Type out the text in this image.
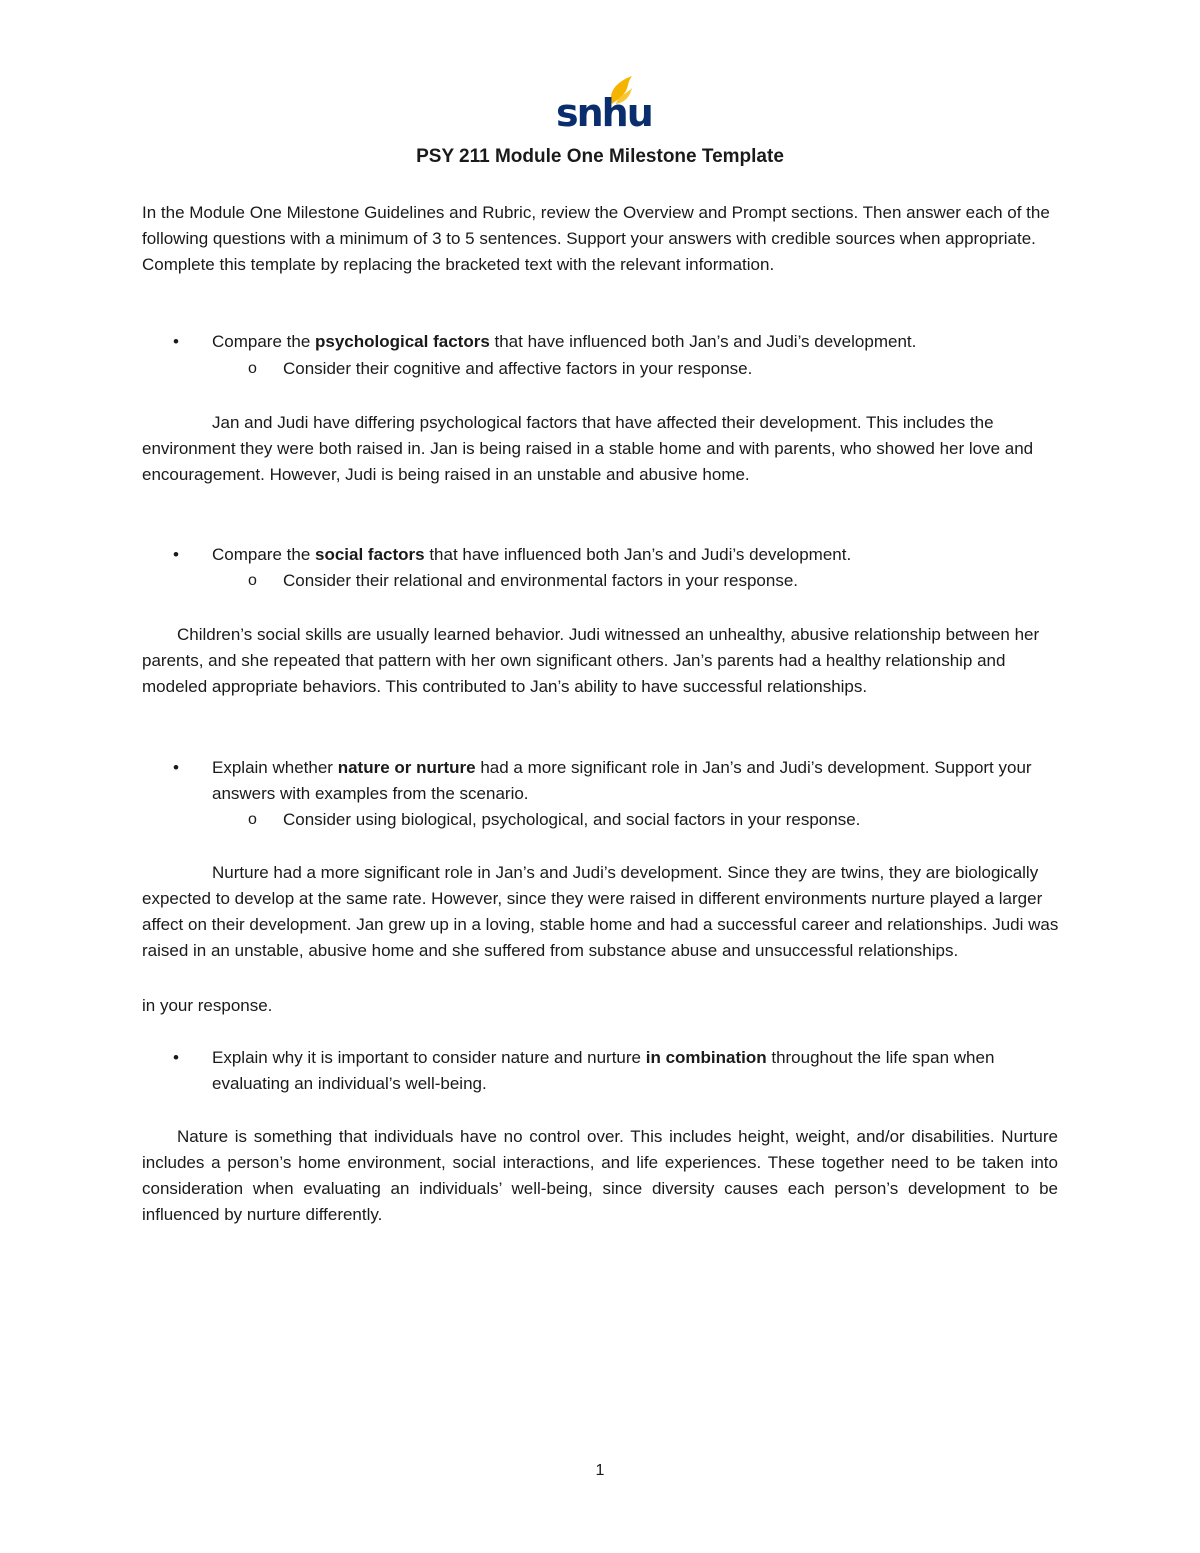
snhu
PSY 211 Module One Milestone Template
In the Module One Milestone Guidelines and Rubric, review the Overview and Prompt sections. Then answer each of the following questions with a minimum of 3 to 5 sentences. Support your answers with credible sources when appropriate. Complete this template by replacing the bracketed text with the relevant information.
• Compare the psychological factors that have influenced both Jan’s and Judi’s development.
o Consider their cognitive and affective factors in your response.
Jan and Judi have differing psychological factors that have affected their development. This includes the environment they were both raised in. Jan is being raised in a stable home and with parents, who showed her love and encouragement. However, Judi is being raised in an unstable and abusive home.
• Compare the social factors that have influenced both Jan’s and Judi’s development.
o Consider their relational and environmental factors in your response.
Children’s social skills are usually learned behavior. Judi witnessed an unhealthy, abusive relationship between her parents, and she repeated that pattern with her own significant others. Jan’s parents had a healthy relationship and modeled appropriate behaviors. This contributed to Jan’s ability to have successful relationships.
• Explain whether nature or nurture had a more significant role in Jan’s and Judi’s development. Support your answers with examples from the scenario.
o Consider using biological, psychological, and social factors in your response.
Nurture had a more significant role in Jan’s and Judi’s development. Since they are twins, they are biologically expected to develop at the same rate. However, since they were raised in different environments nurture played a larger affect on their development. Jan grew up in a loving, stable home and had a successful career and relationships. Judi was raised in an unstable, abusive home and she suffered from substance abuse and unsuccessful relationships.
in your response.
• Explain why it is important to consider nature and nurture in combination throughout the life span when evaluating an individual’s well-being.
Nature is something that individuals have no control over. This includes height, weight, and/or disabilities. Nurture includes a person’s home environment, social interactions, and life experiences. These together need to be taken into consideration when evaluating an individuals’ well-being, since diversity causes each person’s development to be influenced by nurture differently.
1
